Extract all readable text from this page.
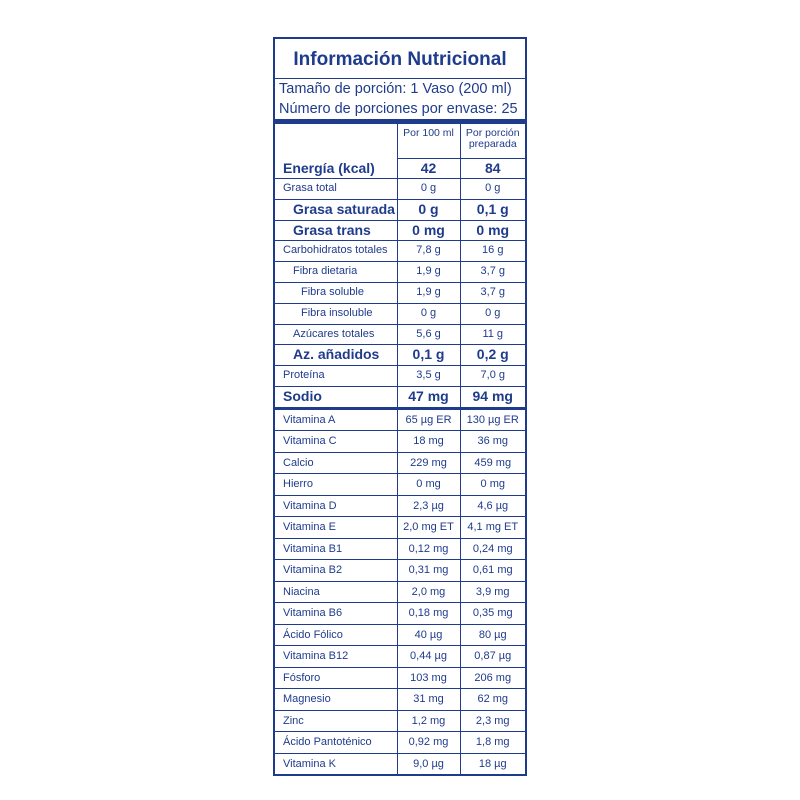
Información Nutricional
Tamaño de porción: 1 Vaso (200 ml)
Número de porciones por envase: 25
	Por 100 ml	Por porción preparada
Energía (kcal)	42	84
Grasa total	0 g	0 g
Grasa saturada	0 g	0,1 g
Grasa trans	0 mg	0 mg
Carbohidratos totales	7,8 g	16 g
Fibra dietaria	1,9 g	3,7 g
Fibra soluble	1,9 g	3,7 g
Fibra insoluble	0 g	0 g
Azúcares totales	5,6 g	11 g
Az. añadidos	0,1 g	0,2 g
Proteína	3,5 g	7,0 g
Sodio	47 mg	94 mg
Vitamina A	65 µg ER	130 µg ER
Vitamina C	18 mg	36 mg
Calcio	229 mg	459 mg
Hierro	0 mg	0 mg
Vitamina D	2,3 µg	4,6 µg
Vitamina E	2,0 mg ET	4,1 mg ET
Vitamina B1	0,12 mg	0,24 mg
Vitamina B2	0,31 mg	0,61 mg
Niacina	2,0 mg	3,9 mg
Vitamina B6	0,18 mg	0,35 mg
Ácido Fólico	40 µg	80 µg
Vitamina B12	0,44 µg	0,87 µg
Fósforo	103 mg	206 mg
Magnesio	31 mg	62 mg
Zinc	1,2 mg	2,3 mg
Ácido Pantoténico	0,92 mg	1,8 mg
Vitamina K	9,0 µg	18 µg
